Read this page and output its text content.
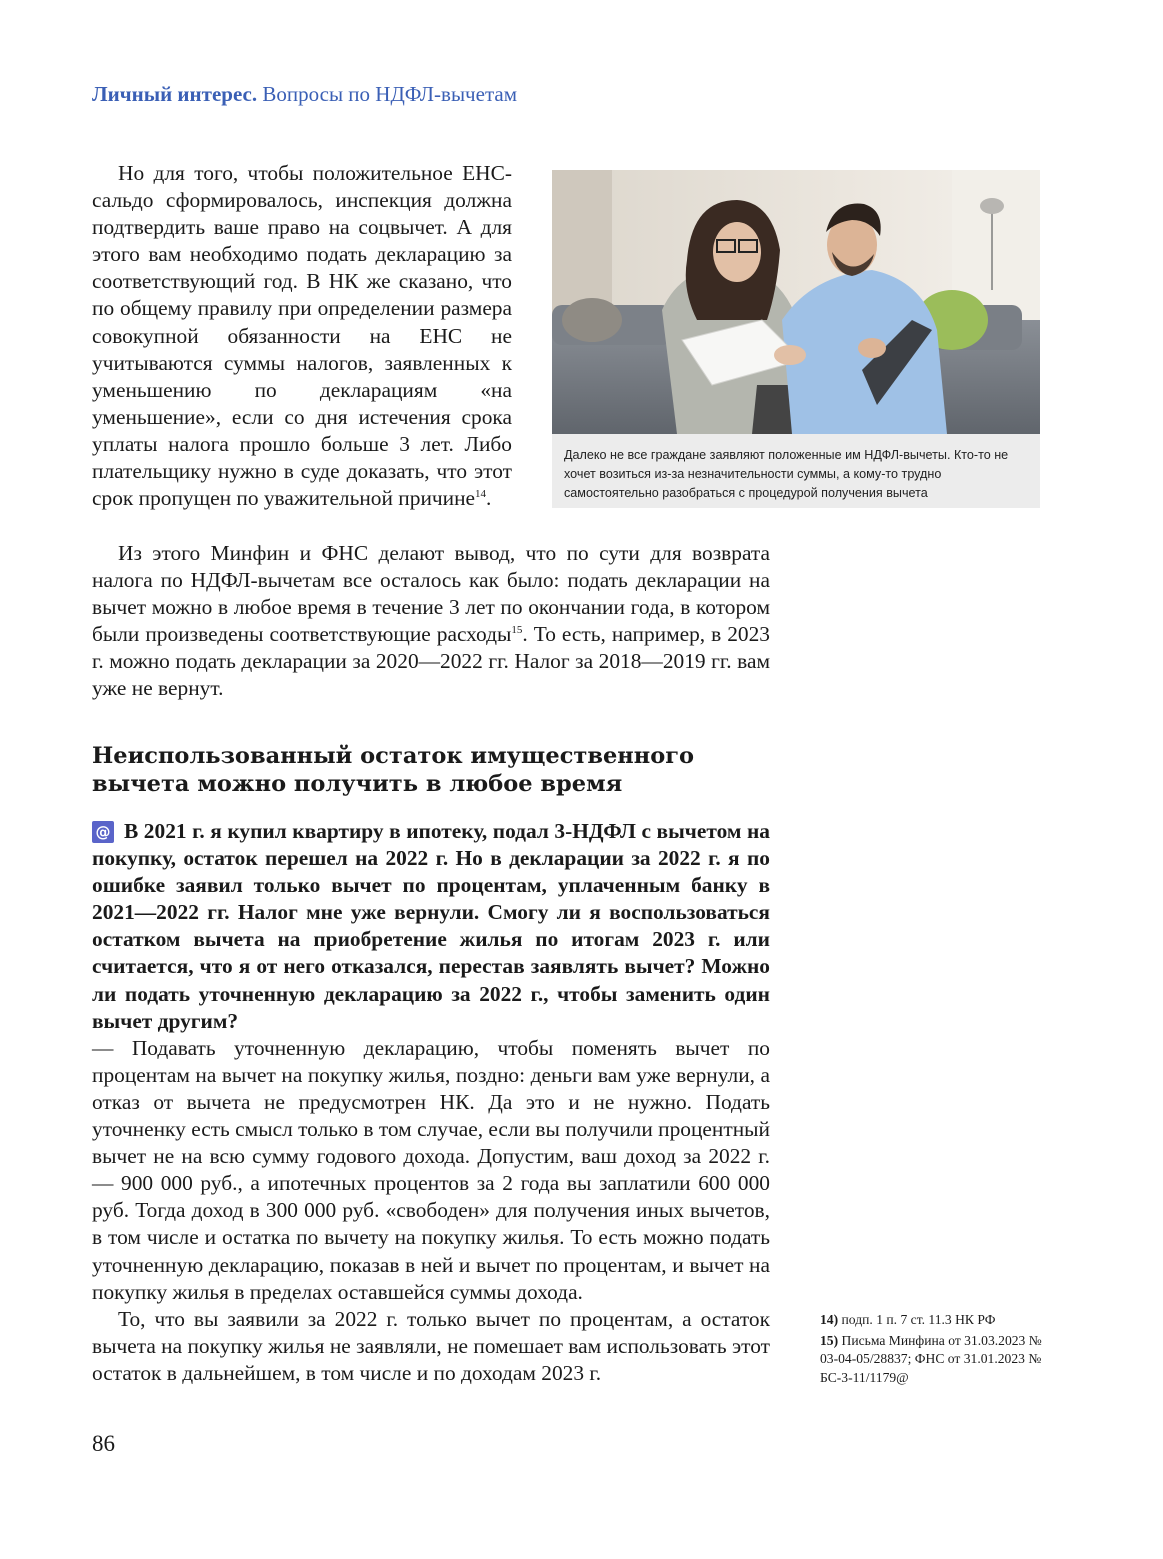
Личный интерес. Вопросы по НДФЛ-вычетам
Далеко не все граждане заявляют положенные им НДФЛ-вычеты. Кто-то не хочет возиться из-за незначительности суммы, а кому-то трудно самостоятельно разобраться с процедурой получения вычета

Но для того, чтобы положительное ЕНС-сальдо сформировалось, инспекция должна подтвердить ваше право на соцвычет. А для этого вам необходимо подать декларацию за соответствующий год. В НК же сказано, что по общему правилу при определении размера совокупной обязанности на ЕНС не учитываются суммы налогов, заявленных к уменьшению по декларациям «на уменьшение», если со дня истечения срока уплаты налога прошло больше 3 лет. Либо плательщику нужно в суде доказать, что этот срок пропущен по уважительной причине$^{14}$.

Из этого Минфин и ФНС делают вывод, что по сути для возврата налога по НДФЛ-вычетам все осталось как было: подать декларации на вычет можно в любое время в течение 3 лет по окончании года, в котором были произведены соответствующие расходы$^{15}$. То есть, например, в 2023 г. можно подать декларации за 2020—2022 гг. Налог за 2018—2019 гг. вам уже не вернут.

Неиспользованный остаток имущественного вычета можно получить в любое время

@ В 2021 г. я купил квартиру в ипотеку, подал 3-НДФЛ с вычетом на покупку, остаток перешел на 2022 г. Но в декларации за 2022 г. я по ошибке заявил только вычет по процентам, уплаченным банку в 2021—2022 гг. Налог мне уже вернули. Смогу ли я воспользоваться остатком вычета на приобретение жилья по итогам 2023 г. или считается, что я от него отказался, перестав заявлять вычет? Можно ли подать уточненную декларацию за 2022 г., чтобы заменить один вычет другим?

— Подавать уточненную декларацию, чтобы поменять вычет по процентам на вычет на покупку жилья, поздно: деньги вам уже вернули, а отказ от вычета не предусмотрен НК. Да это и не нужно. Подать уточненку есть смысл только в том случае, если вы получили процентный вычет не на всю сумму годового дохода. Допустим, ваш доход за 2022 г. — 900 000 руб., а ипотечных процентов за 2 года вы заплатили 600 000 руб. Тогда доход в 300 000 руб. «свободен» для получения иных вычетов, в том числе и остатка по вычету на покупку жилья. То есть можно подать уточненную декларацию, показав в ней и вычет по процентам, и вычет на покупку жилья в пределах оставшейся суммы дохода.

То, что вы заявили за 2022 г. только вычет по процентам, а остаток вычета на покупку жилья не заявляли, не помешает вам использовать этот остаток в дальнейшем, в том числе и по доходам 2023 г.

14) подп. 1 п. 7 ст. 11.3 НК РФ

15) Письма Минфина от 31.03.2023 № 03-04-05/28837; ФНС от 31.01.2023 № БС-3-11/1179@

86
